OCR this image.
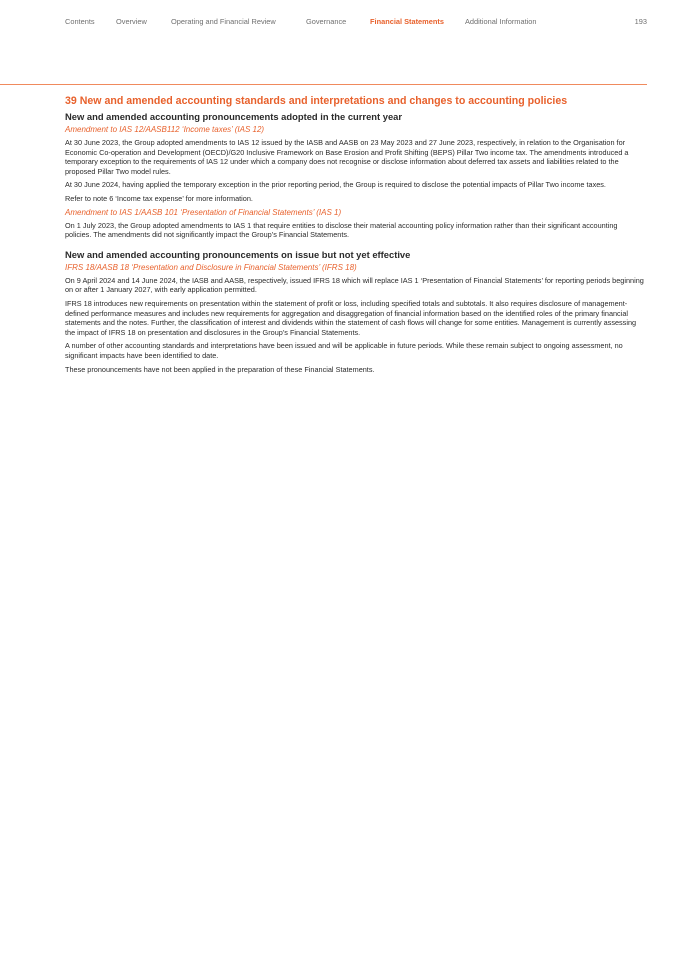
Contents	Overview	Operating and Financial Review	Governance	Financial Statements	Additional Information	193
39 New and amended accounting standards and interpretations and changes to accounting policies
New and amended accounting pronouncements adopted in the current year
Amendment to IAS 12/AASB112 ‘Income taxes’ (IAS 12)

At 30 June 2023, the Group adopted amendments to IAS 12 issued by the IASB and AASB on 23 May 2023 and 27 June 2023, respectively, in relation to the Organisation for Economic Co-operation and Development (OECD)/G20 Inclusive Framework on Base Erosion and Profit Shifting (BEPS) Pillar Two income tax. The amendments introduced a temporary exception to the requirements of IAS 12 under which a company does not recognise or disclose information about deferred tax assets and liabilities related to the proposed Pillar Two model rules.

At 30 June 2024, having applied the temporary exception in the prior reporting period, the Group is required to disclose the potential impacts of Pillar Two income taxes.

Refer to note 6 ‘Income tax expense’ for more information.

Amendment to IAS 1/AASB 101 ‘Presentation of Financial Statements’ (IAS 1)

On 1 July 2023, the Group adopted amendments to IAS 1 that require entities to disclose their material accounting policy information rather than their significant accounting policies. The amendments did not significantly impact the Group’s Financial Statements.

New and amended accounting pronouncements on issue but not yet effective
IFRS 18/AASB 18 ‘Presentation and Disclosure in Financial Statements’ (IFRS 18)

On 9 April 2024 and 14 June 2024, the IASB and AASB, respectively, issued IFRS 18 which will replace IAS 1 ‘Presentation of Financial Statements’ for reporting periods beginning on or after 1 January 2027, with early application permitted.

IFRS 18 introduces new requirements on presentation within the statement of profit or loss, including specified totals and subtotals. It also requires disclosure of management-defined performance measures and includes new requirements for aggregation and disaggregation of financial information based on the identified roles of the primary financial statements and the notes. Further, the classification of interest and dividends within the statement of cash flows will change for some entities. Management is currently assessing the impact of IFRS 18 on presentation and disclosures in the Group’s Financial Statements.

A number of other accounting standards and interpretations have been issued and will be applicable in future periods. While these remain subject to ongoing assessment, no significant impacts have been identified to date.

These pronouncements have not been applied in the preparation of these Financial Statements.
